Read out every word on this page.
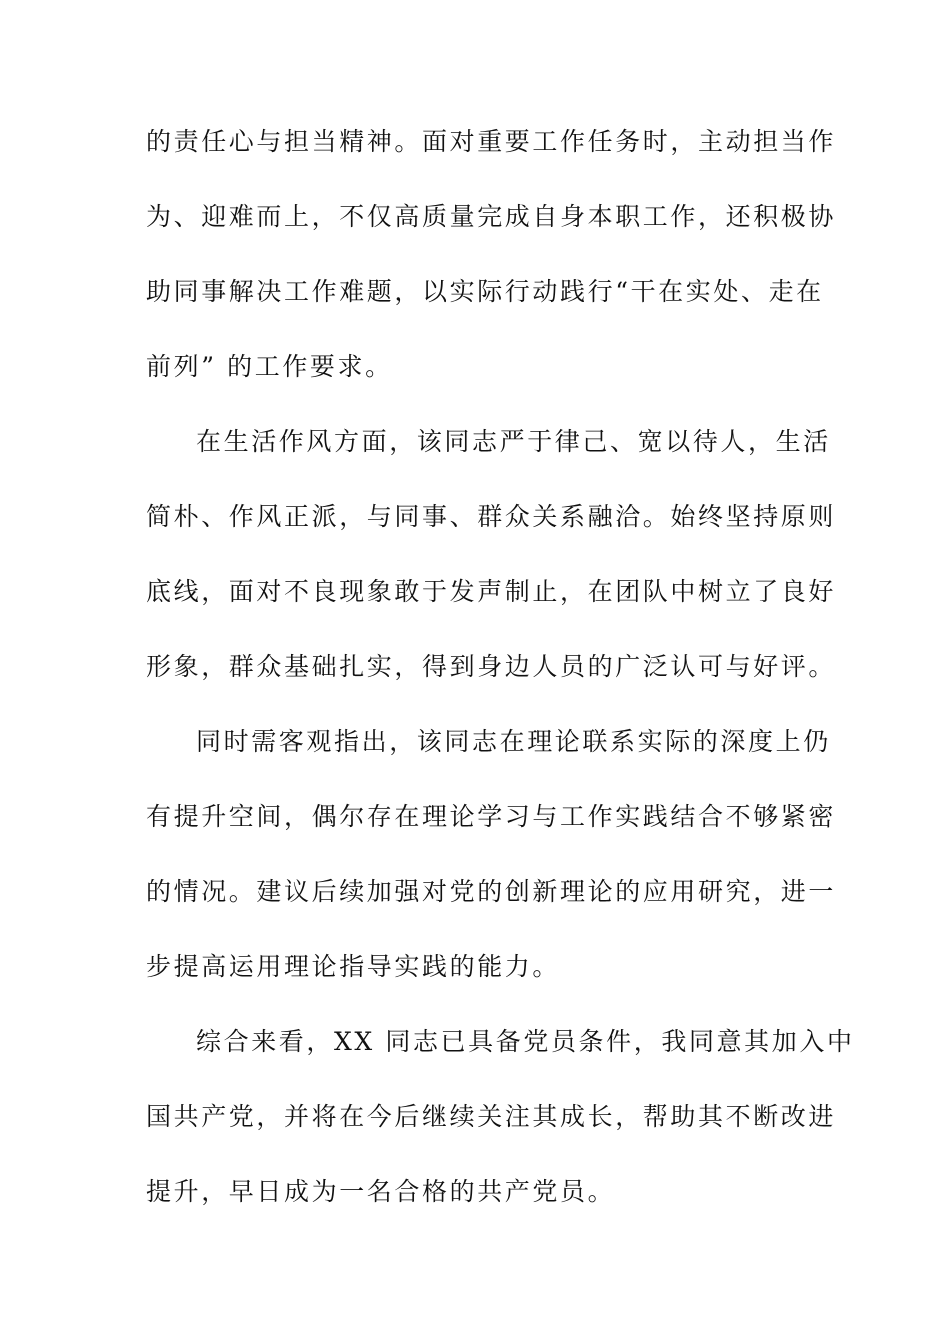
的责任心与担当精神。面对重要工作任务时，主动担当作
为、迎难而上，不仅高质量完成自身本职工作，还积极协
助同事解决工作难题，以实际行动践行“干在实处、走在
前列” 的工作要求。
在生活作风方面，该同志严于律己、宽以待人，生活
简朴、作风正派，与同事、群众关系融洽。始终坚持原则
底线，面对不良现象敢于发声制止，在团队中树立了良好
形象，群众基础扎实，得到身边人员的广泛认可与好评。
同时需客观指出，该同志在理论联系实际的深度上仍
有提升空间，偶尔存在理论学习与工作实践结合不够紧密
的情况。建议后续加强对党的创新理论的应用研究，进一
步提高运用理论指导实践的能力。
综合来看，XX 同志已具备党员条件，我同意其加入中
国共产党，并将在今后继续关注其成长，帮助其不断改进
提升，早日成为一名合格的共产党员。
